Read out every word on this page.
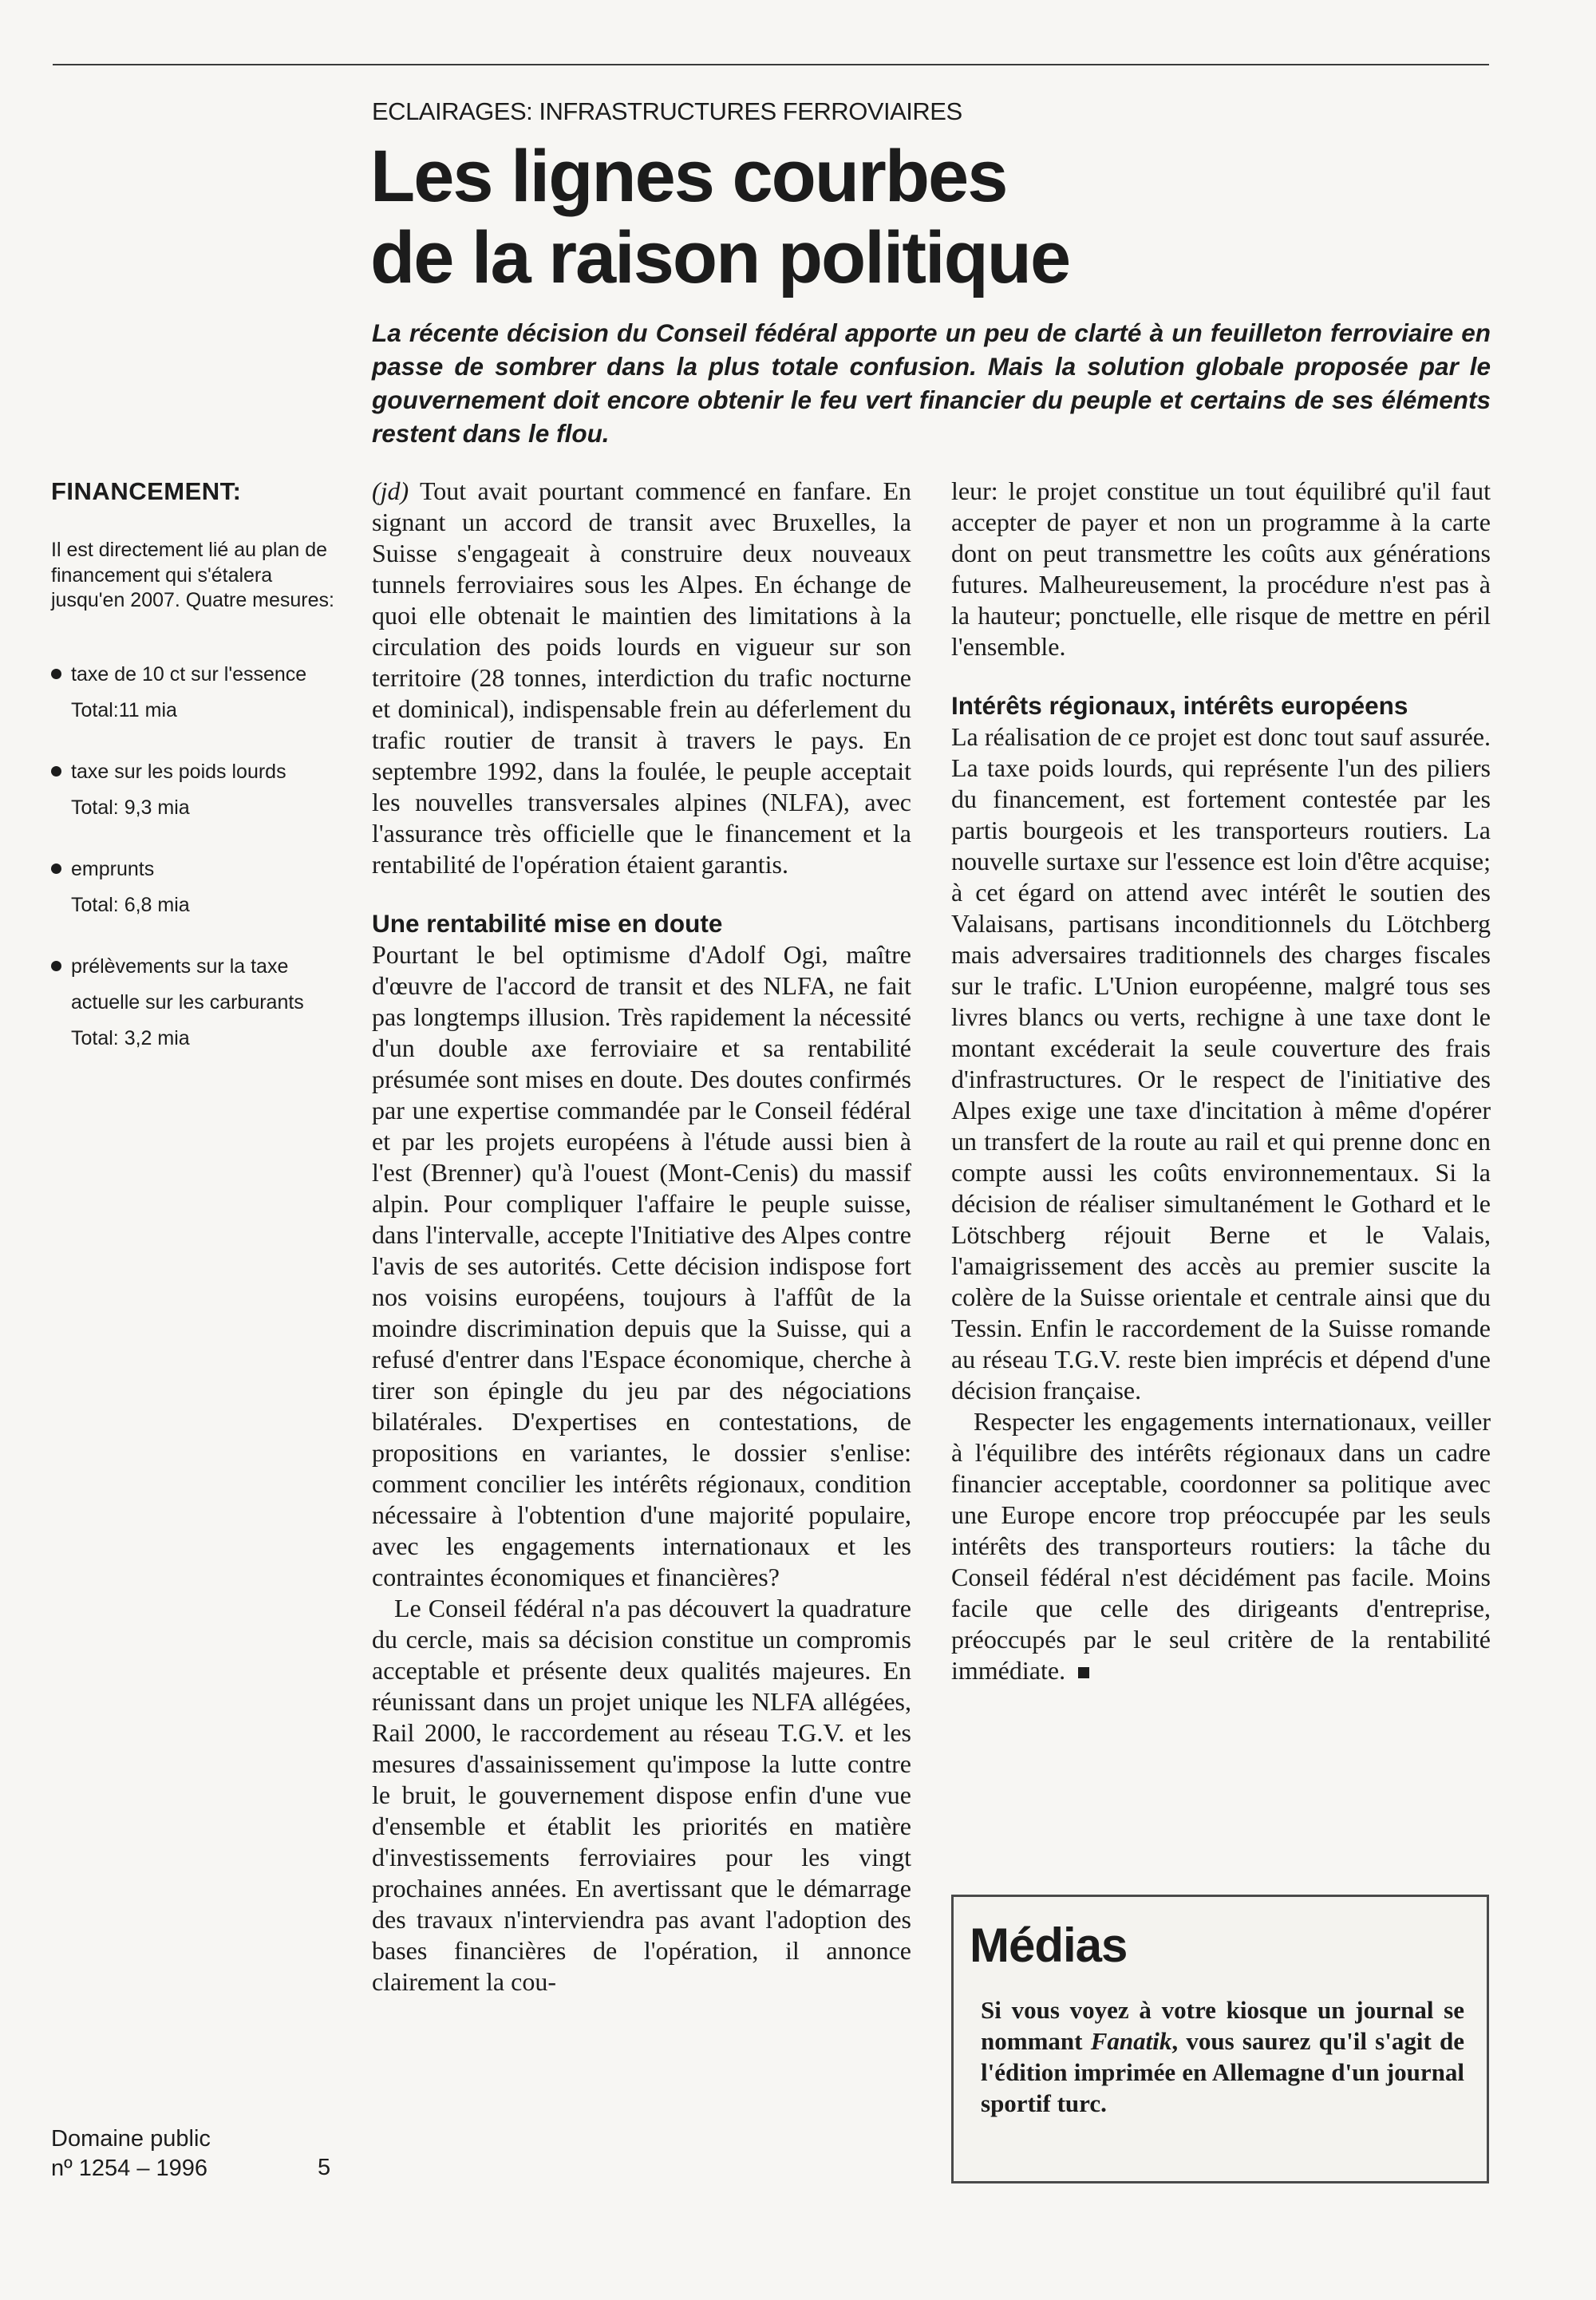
ECLAIRAGES: INFRASTRUCTURES FERROVIAIRES
Les lignes courbes
de la raison politique

La récente décision du Conseil fédéral apporte un peu de clarté à un feuilleton ferroviaire en passe de sombrer dans la plus totale confusion. Mais la solution globale proposée par le gouvernement doit encore obtenir le feu vert financier du peuple et certains de ses éléments restent dans le flou.

FINANCEMENT:

Il est directement lié au plan de financement qui s'étalera jusqu'en 2007. Quatre mesures:

taxe de 10 ct sur l'essence
Total:11 mia
taxe sur les poids lourds
Total: 9,3 mia
emprunts
Total: 6,8 mia
prélèvements sur la taxe actuelle sur les carburants
Total: 3,2 mia

(jd) Tout avait pourtant commencé en fanfare. En signant un accord de transit avec Bruxelles, la Suisse s'engageait à construire deux nouveaux tunnels ferroviaires sous les Alpes. En échange de quoi elle obtenait le maintien des limitations à la circulation des poids lourds en vigueur sur son territoire (28 tonnes, interdiction du trafic nocturne et dominical), indispensable frein au déferlement du trafic routier de transit à travers le pays. En septembre 1992, dans la foulée, le peuple acceptait les nouvelles transversales alpines (NLFA), avec l'assurance très officielle que le financement et la rentabilité de l'opération étaient garantis.

Une rentabilité mise en doute

Pourtant le bel optimisme d'Adolf Ogi, maître d'œuvre de l'accord de transit et des NLFA, ne fait pas longtemps illusion. Très rapidement la nécessité d'un double axe ferroviaire et sa rentabilité présumée sont mises en doute. Des doutes confirmés par une expertise commandée par le Conseil fédéral et par les projets européens à l'étude aussi bien à l'est (Brenner) qu'à l'ouest (Mont-Cenis) du massif alpin. Pour compliquer l'affaire le peuple suisse, dans l'intervalle, accepte l'Initiative des Alpes contre l'avis de ses autorités. Cette décision indispose fort nos voisins européens, toujours à l'affût de la moindre discrimination depuis que la Suisse, qui a refusé d'entrer dans l'Espace économique, cherche à tirer son épingle du jeu par des négociations bilatérales. D'expertises en contestations, de propositions en variantes, le dossier s'enlise: comment concilier les intérêts régionaux, condition nécessaire à l'obtention d'une majorité populaire, avec les engagements internationaux et les contraintes économiques et financières?

Le Conseil fédéral n'a pas découvert la quadrature du cercle, mais sa décision constitue un compromis acceptable et présente deux qualités majeures. En réunissant dans un projet unique les NLFA allégées, Rail 2000, le raccordement au réseau T.G.V. et les mesures d'assainissement qu'impose la lutte contre le bruit, le gouvernement dispose enfin d'une vue d'ensemble et établit les priorités en matière d'investissements ferroviaires pour les vingt prochaines années. En avertissant que le démarrage des travaux n'interviendra pas avant l'adoption des bases financières de l'opération, il annonce clairement la cou-

leur: le projet constitue un tout équilibré qu'il faut accepter de payer et non un programme à la carte dont on peut transmettre les coûts aux générations futures. Malheureusement, la procédure n'est pas à la hauteur; ponctuelle, elle risque de mettre en péril l'ensemble.

Intérêts régionaux, intérêts européens

La réalisation de ce projet est donc tout sauf assurée. La taxe poids lourds, qui représente l'un des piliers du financement, est fortement contestée par les partis bourgeois et les transporteurs routiers. La nouvelle surtaxe sur l'essence est loin d'être acquise; à cet égard on attend avec intérêt le soutien des Valaisans, partisans inconditionnels du Lötchberg mais adversaires traditionnels des charges fiscales sur le trafic. L'Union européenne, malgré tous ses livres blancs ou verts, rechigne à une taxe dont le montant excéderait la seule couverture des frais d'infrastructures. Or le respect de l'initiative des Alpes exige une taxe d'incitation à même d'opérer un transfert de la route au rail et qui prenne donc en compte aussi les coûts environnementaux. Si la décision de réaliser simultanément le Gothard et le Lötschberg réjouit Berne et le Valais, l'amaigrissement des accès au premier suscite la colère de la Suisse orientale et centrale ainsi que du Tessin. Enfin le raccordement de la Suisse romande au réseau T.G.V. reste bien imprécis et dépend d'une décision française.

Respecter les engagements internationaux, veiller à l'équilibre des intérêts régionaux dans un cadre financier acceptable, coordonner sa politique avec une Europe encore trop préoccupée par les seuls intérêts des transporteurs routiers: la tâche du Conseil fédéral n'est décidément pas facile. Moins facile que celle des dirigeants d'entreprise, préoccupés par le seul critère de la rentabilité immédiate.

Médias

Si vous voyez à votre kiosque un journal se nommant Fanatik, vous saurez qu'il s'agit de l'édition imprimée en Allemagne d'un journal sportif turc.

Domaine public
nº 1254 – 1996	5
